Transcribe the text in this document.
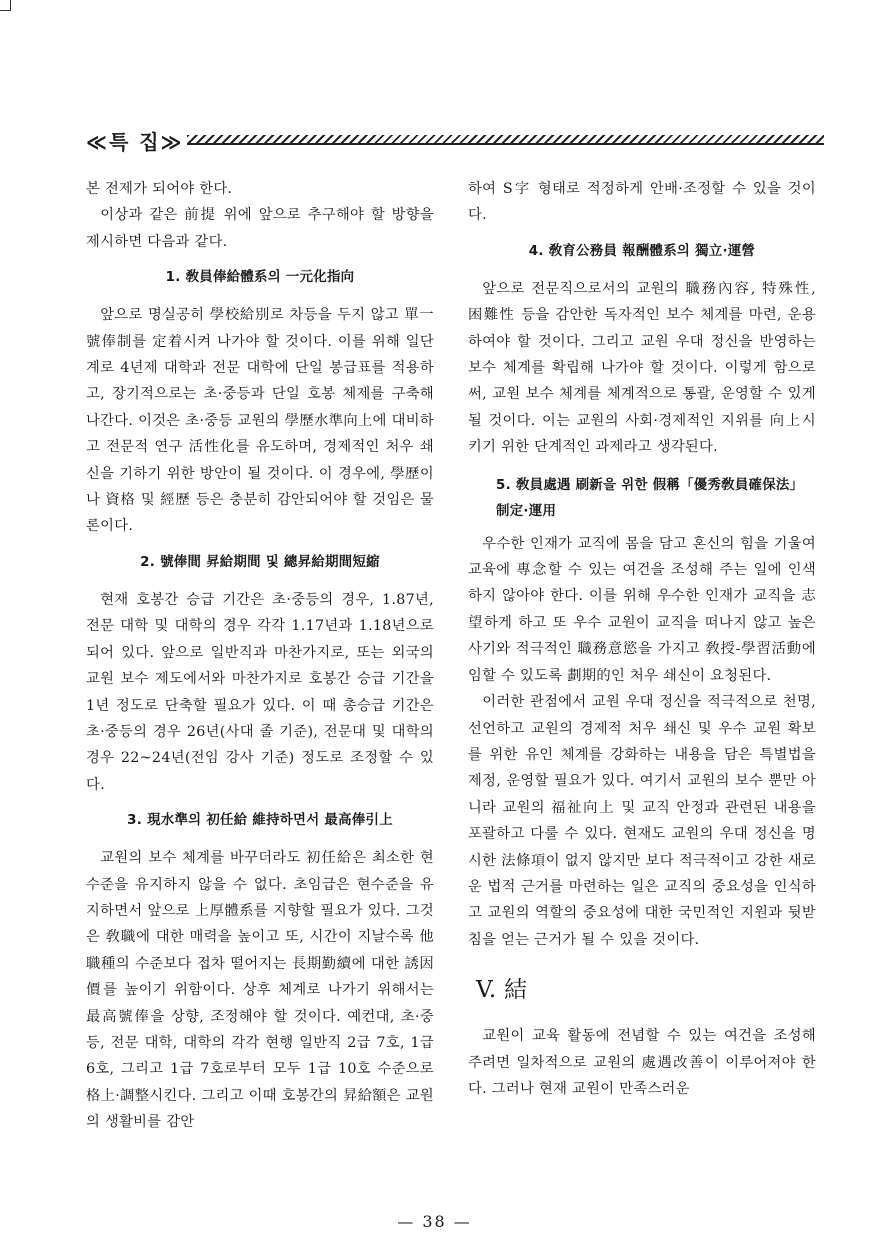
≪특 집≫

본 전제가 되어야 한다.

이상과 같은 前提 위에 앞으로 추구해야 할 방향을 제시하면 다음과 같다.

1. 敎員俸給體系의 一元化指向

앞으로 명실공히 學校給別로 차등을 두지 않고 單一號俸制를 定着시켜 나가야 할 것이다. 이를 위해 일단계로 4년제 대학과 전문 대학에 단일 봉급표를 적용하고, 장기적으로는 초·중등과 단일 호봉 체제를 구축해 나간다. 이것은 초·중등 교원의 學歷水準向上에 대비하고 전문적 연구 活性化를 유도하며, 경제적인 처우 쇄신을 기하기 위한 방안이 될 것이다. 이 경우에, 學歷이나 資格 및 經歷 등은 충분히 감안되어야 할 것임은 물론이다.

2. 號俸間 昇給期間 및 總昇給期間短縮

현재 호봉간 승급 기간은 초·중등의 경우, 1.87년, 전문 대학 및 대학의 경우 각각 1.17년과 1.18년으로 되어 있다. 앞으로 일반직과 마찬가지로, 또는 외국의 교원 보수 제도에서와 마찬가지로 호봉간 승급 기간을 1년 정도로 단축할 필요가 있다. 이 때 총승급 기간은 초·중등의 경우 26년(사대 졸 기준), 전문대 및 대학의 경우 22~24년(전임 강사 기준) 정도로 조정할 수 있다.

3. 現水準의 初任給 維持하면서 最高俸引上

교원의 보수 체계를 바꾸더라도 初任給은 최소한 현수준을 유지하지 않을 수 없다. 초임급은 현수준을 유지하면서 앞으로 上厚體系를 지향할 필요가 있다. 그것은 敎職에 대한 매력을 높이고 또, 시간이 지날수록 他職種의 수준보다 접차 떨어지는 長期勤續에 대한 誘因價를 높이기 위함이다. 상후 체계로 나가기 위해서는 最高號俸을 상향, 조정해야 할 것이다. 예컨대, 초·중등, 전문 대학, 대학의 각각 현행 일반직 2급 7호, 1급 6호, 그리고 1급 7호로부터 모두 1급 10호 수준으로 格上·調整시킨다. 그리고 이때 호봉간의 昇給額은 교원의 생활비를 감안

하여 S字 형태로 적정하게 안배·조정할 수 있을 것이다.

4. 敎育公務員 報酬體系의 獨立·運營

앞으로 전문직으로서의 교원의 職務內容, 特殊性, 困難性 등을 감안한 독자적인 보수 체계를 마련, 운용하여야 할 것이다. 그리고 교원 우대 정신을 반영하는 보수 체계를 확립해 나가야 할 것이다. 이렇게 함으로써, 교원 보수 체계를 체계적으로 통괄, 운영할 수 있게 될 것이다. 이는 교원의 사회·경제적인 지위를 向上시키기 위한 단계적인 과제라고 생각된다.

5. 敎員處遇 刷新을 위한 假稱「優秀敎員確保法」制定·運用

우수한 인재가 교직에 몸을 담고 혼신의 힘을 기울여 교육에 專念할 수 있는 여건을 조성해 주는 일에 인색하지 않아야 한다. 이를 위해 우수한 인재가 교직을 志望하게 하고 또 우수 교원이 교직을 떠나지 않고 높은 사기와 적극적인 職務意慾을 가지고 敎授-學習活動에 임할 수 있도록 劃期的인 처우 쇄신이 요청된다.

이러한 관점에서 교원 우대 정신을 적극적으로 천명, 선언하고 교원의 경제적 처우 쇄신 및 우수 교원 확보를 위한 유인 체계를 강화하는 내용을 담은 특별법을 제정, 운영할 필요가 있다. 여기서 교원의 보수 뿐만 아니라 교원의 福祉向上 및 교직 안정과 관련된 내용을 포괄하고 다룰 수 있다. 현재도 교원의 우대 정신을 명시한 法條項이 없지 않지만 보다 적극적이고 강한 새로운 법적 근거를 마련하는 일은 교직의 중요성을 인식하고 교원의 역할의 중요성에 대한 국민적인 지원과 뒷받침을 얻는 근거가 될 수 있을 것이다.

V. 結

교원이 교육 활동에 전념할 수 있는 여건을 조성해 주려면 일차적으로 교원의 處遇改善이 이루어져야 한다. 그러나 현재 교원이 만족스러운

— 38 —
